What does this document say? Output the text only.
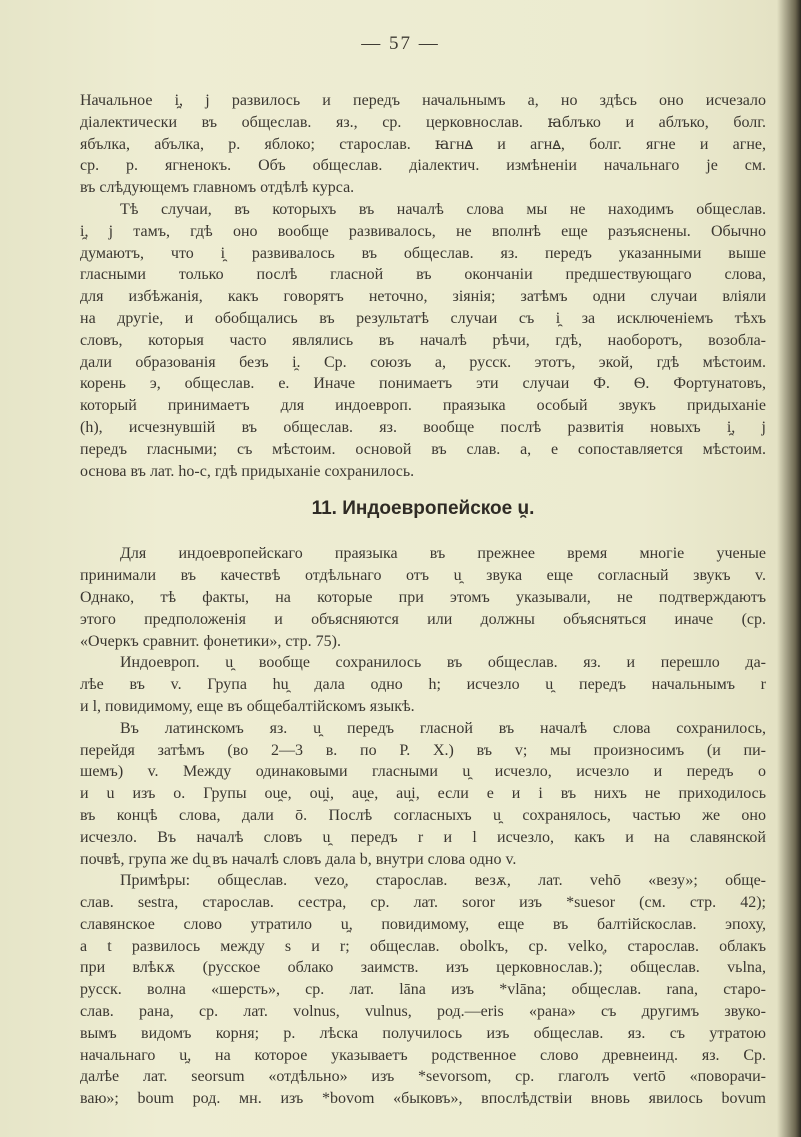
— 57 —
Начальное i̯, j развилось и передъ начальнымъ а, но здѣсь оно исчезало
діалектически въ общеслав. яз., ср. церковнослав. ꙗблъко и аблъко, болг.
ябълка, абълка, р. яблоко; старослав. ꙗгнꙙ и агнꙙ, болг. ягне и агне,
ср. р. ягненокъ. Объ общеслав. діалектич. измѣненіи начальнаго je см.
въ слѣдующемъ главномъ отдѣлѣ курса.
Тѣ случаи, въ которыхъ въ началѣ слова мы не находимъ общеслав.
i̯, j тамъ, гдѣ оно вообще развивалось, не вполнѣ еще разъяснены. Обычно
думаютъ, что i̯ развивалось въ общеслав. яз. передъ указанными выше
гласными только послѣ гласной въ окончаніи предшествующаго слова,
для избѣжанія, какъ говорятъ неточно, зіянія; затѣмъ одни случаи вліяли
на другіе, и обобщались въ результатѣ случаи съ i̯ за исключеніемъ тѣхъ
словъ, которыя часто являлись въ началѣ рѣчи, гдѣ, наоборотъ, возобла-
дали образованія безъ i̯. Ср. союзъ а, русск. этотъ, экой, гдѣ мѣстоим.
корень э, общеслав. е. Иначе понимаетъ эти случаи Ф. Ѳ. Фортунатовъ,
который принимаетъ для индоевроп. праязыка особый звукъ придыханіе
(h), исчезнувшій въ общеслав. яз. вообще послѣ развитія новыхъ i̯, j
передъ гласными; съ мѣстоим. основой въ слав. а, е сопоставляется мѣстоим.
основа въ лат. ho-c, гдѣ придыханіе сохранилось.
11. Индоевропейское u̯.
Для индоевропейскаго праязыка въ прежнее время многіе ученые
принимали въ качествѣ отдѣльнаго отъ u̯ звука еще согласный звукъ v.
Однако, тѣ факты, на которые при этомъ указывали, не подтверждаютъ
этого предположенія и объясняются или должны объясняться иначе (ср.
«Очеркъ сравнит. фонетики», стр. 75).
Индоевроп. u̯ вообще сохранилось въ общеслав. яз. и перешло да-
лѣе въ v. Група hu̯ дала одно h; исчезло u̯ передъ начальнымъ r
и l, повидимому, еще въ общебалтійскомъ языкѣ.
Въ латинскомъ яз. u̯ передъ гласной въ началѣ слова сохранилось,
перейдя затѣмъ (во 2—3 в. по Р. Х.) въ v; мы произносимъ (и пи-
шемъ) v. Между одинаковыми гласными u̯ исчезло, исчезло и передъ о
и u изъ о. Групы ou̯e, ou̯i, au̯e, au̯i, если е и i въ нихъ не приходилось
въ концѣ слова, дали ō. Послѣ согласныхъ u̯ сохранялось, частью же оно
исчезло. Въ началѣ словъ u̯ передъ r и l исчезло, какъ и на славянской
почвѣ, група же du̯ въ началѣ словъ дала b, внутри слова одно v.
Примѣры: общеслав. vezo̜, старослав. везѫ, лат. vehō «везу»; обще-
слав. sestra, старослав. сестра, ср. лат. soror изъ *suesor (см. стр. 42);
славянское слово утратило u̯, повидимому, еще въ балтійскослав. эпоху,
а t развилось между s и r; общеслав. obolkъ, ср. velko̜, старослав. облакъ
при влѣкѫ (русское облако заимств. изъ церковнослав.); общеслав. vьlna,
русск. волна «шерсть», ср. лат. lāna изъ *vlāna; общеслав. rana, старо-
слав. рана, ср. лат. volnus, vulnus, род.—eris «рана» съ другимъ звуко-
вымъ видомъ корня; р. лѣска получилось изъ общеслав. яз. съ утратою
начальнаго u̯, на которое указываетъ родственное слово древнеинд. яз. Ср.
далѣе лат. seorsum «отдѣльно» изъ *sevorsom, ср. глаголъ vertō «поворачи-
ваю»; boum род. мн. изъ *bovom «быковъ», впослѣдствіи вновь явилось bovum
